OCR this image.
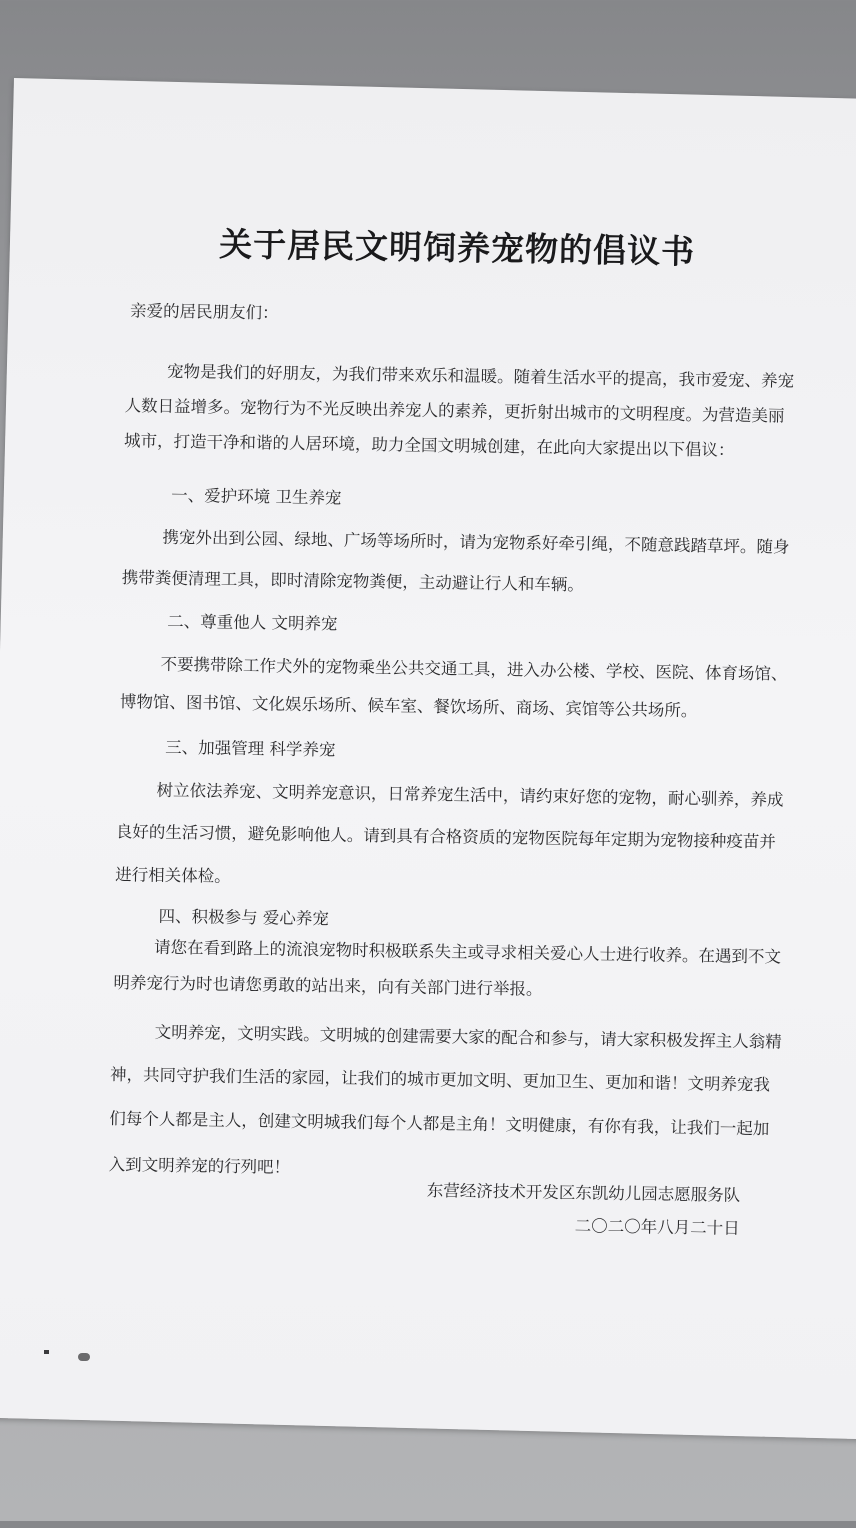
关于居民文明饲养宠物的倡议书
亲爱的居民朋友们：
宠物是我们的好朋友，为我们带来欢乐和温暖。随着生活水平的提高，我市爱宠、养宠
人数日益增多。宠物行为不光反映出养宠人的素养，更折射出城市的文明程度。为营造美丽
城市，打造干净和谐的人居环境，助力全国文明城创建，在此向大家提出以下倡议：
一、爱护环境 卫生养宠
携宠外出到公园、绿地、广场等场所时，请为宠物系好牵引绳，不随意践踏草坪。随身
携带粪便清理工具，即时清除宠物粪便，主动避让行人和车辆。
二、尊重他人 文明养宠
不要携带除工作犬外的宠物乘坐公共交通工具，进入办公楼、学校、医院、体育场馆、
博物馆、图书馆、文化娱乐场所、候车室、餐饮场所、商场、宾馆等公共场所。
三、加强管理 科学养宠
树立依法养宠、文明养宠意识，日常养宠生活中，请约束好您的宠物，耐心驯养，养成
良好的生活习惯，避免影响他人。请到具有合格资质的宠物医院每年定期为宠物接种疫苗并
进行相关体检。
四、积极参与 爱心养宠
请您在看到路上的流浪宠物时积极联系失主或寻求相关爱心人士进行收养。在遇到不文
明养宠行为时也请您勇敢的站出来，向有关部门进行举报。
文明养宠，文明实践。文明城的创建需要大家的配合和参与，请大家积极发挥主人翁精
神，共同守护我们生活的家园，让我们的城市更加文明、更加卫生、更加和谐！文明养宠我
们每个人都是主人，创建文明城我们每个人都是主角！文明健康，有你有我，让我们一起加
入到文明养宠的行列吧！
东营经济技术开发区东凯幼儿园志愿服务队
二〇二〇年八月二十日
